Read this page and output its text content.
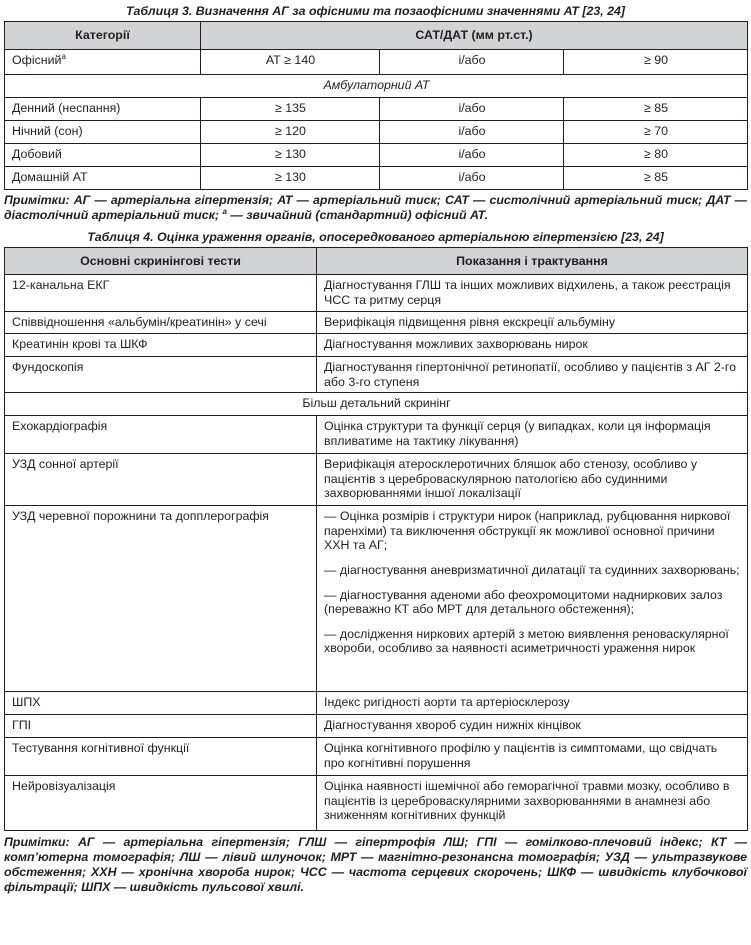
Таблиця 3. Визначення АГ за офісними та позаофісними значеннями АТ [23, 24]
Категорії	САТ/ДАТ (мм рт.ст.)		
Офісний$^a$	АТ ≥ 140	і/або	≥ 90
Амбулаторний АТ			
Денний (неспання)	≥ 135	і/або	≥ 85
Нічний (сон)	≥ 120	і/або	≥ 70
Добовий	≥ 130	і/або	≥ 80
Домашній АТ	≥ 130	і/або	≥ 85
Примітки: АГ — артеріальна гіпертензія; АТ — артеріальний тиск; САТ — систолічний артеріальний тиск; ДАТ — діастолічний артеріальний тиск; $^а$ — звичайний (стандартний) офісний АТ.
Таблиця 4. Оцінка ураження органів, опосередкованого артеріальною гіпертензією [23, 24]
Основні скринінгові тести	Показання і трактування
12-канальна ЕКГ	Діагностування ГЛШ та інших можливих відхилень, а також реєстрація ЧСС та ритму серця
Співвідношення «альбумін/креатинін» у сечі	Верифікація підвищення рівня екскреції альбуміну
Креатинін крові та ШКФ	Діагностування можливих захворювань нирок
Фундоскопія	Діагностування гіпертонічної ретинопатії, особливо у пацієнтів з АГ 2-го або 3-го ступеня
Більш детальний скринінг	
Ехокардіографія	Оцінка структури та функції серця (у випадках, коли ця інформація впливатиме на тактику лікування)
УЗД сонної артерії	Верифікація атеросклеротичних бляшок або стенозу, особливо у пацієнтів з цереброваскулярною патологією або судинними захворюваннями іншої локалізації
УЗД черевної порожнини та допплерографія	— Оцінка розмірів і структури нирок (наприклад, рубцювання ниркової паренхіми) та виключення обструкції як можливої основної причини ХХН та АГ;

— діагностування аневризматичної дилатації та судинних захворювань;

— діагностування аденоми або феохромоцитоми надниркових залоз (переважно КТ або МРТ для детального обстеження);

— дослідження ниркових артерій з метою виявлення реноваскулярної хвороби, особливо за наявності асиметричності ураження нирок

ШПХ	Індекс ригідності аорти та артеріосклерозу
ГПІ	Діагностування хвороб судин нижніх кінцівок
Тестування когнітивної функції	Оцінка когнітивного профілю у пацієнтів із симптомами, що свідчать про когнітивні порушення
Нейровізуалізація	Оцінка наявності ішемічної або геморагічної травми мозку, особливо в пацієнтів із цереброваскулярними захворюваннями в анамнезі або зниженням когнітивних функцій
Примітки: АГ — артеріальна гіпертензія; ГЛШ — гіпертрофія ЛШ; ГПІ — гомілково-плечовий індекс; КТ — комп’ютерна томографія; ЛШ — лівий шлуночок; МРТ — магнітно-резонансна томографія; УЗД — ультразвукове обстеження; ХХН — хронічна хвороба нирок; ЧСС — частота серцевих скорочень; ШКФ — швидкість клубочкової фільтрації; ШПХ — швидкість пульсової хвилі.
